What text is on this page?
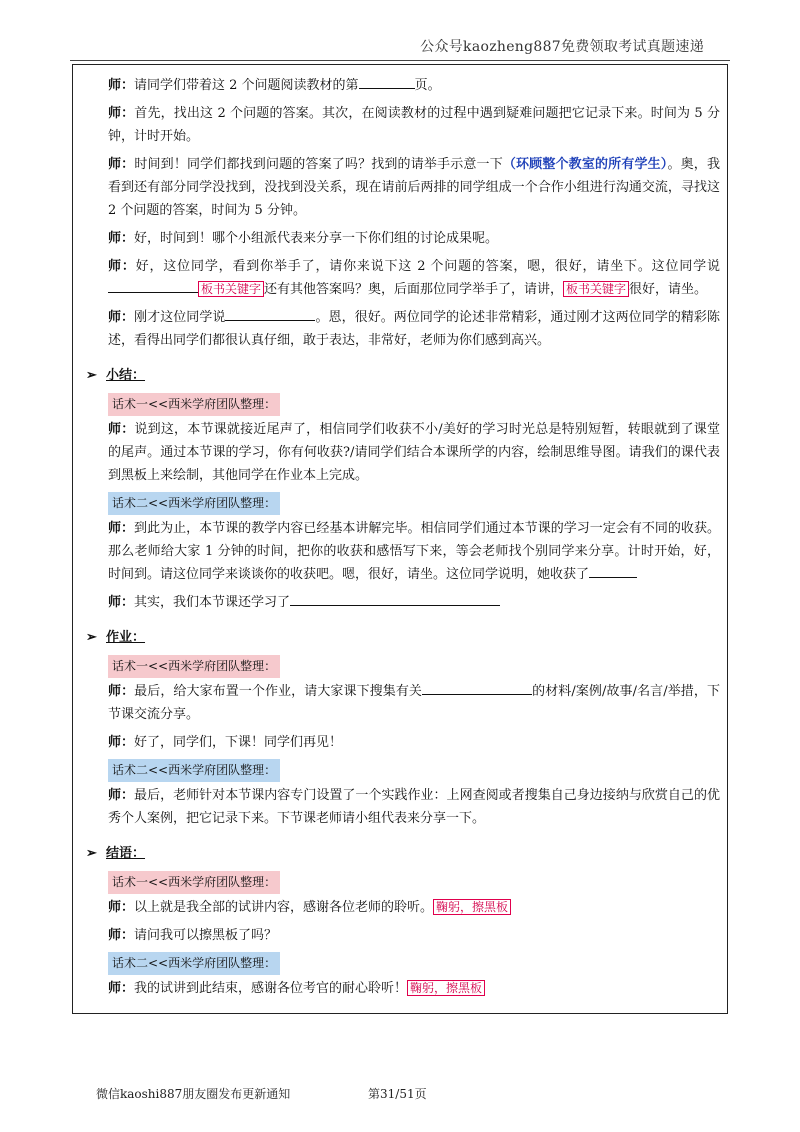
公众号kaozheng887免费领取考试真题速递

师：请同学们带着这 2 个问题阅读教材的第	页。

师：首先，找出这 2 个问题的答案。其次，在阅读教材的过程中遇到疑难问题把它记录下来。时间为 5 分钟，计时开始。

师：时间到！同学们都找到问题的答案了吗？找到的请举手示意一下（环顾整个教室的所有学生）。奥，我看到还有部分同学没找到，没找到没关系，现在请前后两排的同学组成一个合作小组进行沟通交流，寻找这 2 个问题的答案，时间为 5 分钟。

师：好，时间到！哪个小组派代表来分享一下你们组的讨论成果呢。

师：好，这位同学，看到你举手了，请你来说下这 2 个问题的答案，嗯，很好，请坐下。这位同学说板书关键字 还有其他答案吗？奥，后面那位同学举手了，请讲， 板书关键字 很好，请坐。

师：刚才这位同学说	。恩，很好。两位同学的论述非常精彩，通过刚才这两位同学的精彩陈述，看得出同学们都很认真仔细，敢于表达，非常好，老师为你们感到高兴。

➢ 小结：
话术一<<西米学府团队整理：

师：说到这，本节课就接近尾声了，相信同学们收获不小/美好的学习时光总是特别短暂，转眼就到了课堂的尾声。通过本节课的学习，你有何收获?/请同学们结合本课所学的内容，绘制思维导图。请我们的课代表到黑板上来绘制，其他同学在作业本上完成。

话术二<<西米学府团队整理：

师：到此为止，本节课的教学内容已经基本讲解完毕。相信同学们通过本节课的学习一定会有不同的收获。那么老师给大家 1 分钟的时间，把你的收获和感悟写下来，等会老师找个别同学来分享。计时开始，好，时间到。请这位同学来谈谈你的收获吧。嗯，很好，请坐。这位同学说明，她收获了

师：其实，我们本节课还学习了

➢ 作业：
话术一<<西米学府团队整理：

师：最后，给大家布置一个作业，请大家课下搜集有关	的材料/案例/故事/名言/举措，下节课交流分享。

师：好了，同学们，下课！同学们再见！

话术二<<西米学府团队整理：

师：最后，老师针对本节课内容专门设置了一个实践作业：上网查阅或者搜集自己身边接纳与欣赏自己的优秀个人案例，把它记录下来。下节课老师请小组代表来分享一下。

➢ 结语：
话术一<<西米学府团队整理：

师：以上就是我全部的试讲内容，感谢各位老师的聆听。 鞠躬，擦黑板

师：请问我可以擦黑板了吗？

话术二<<西米学府团队整理：

师：我的试讲到此结束，感谢各位考官的耐心聆听！ 鞠躬，擦黑板

微信kaoshi887朋友圈发布更新通知	第31/51页
